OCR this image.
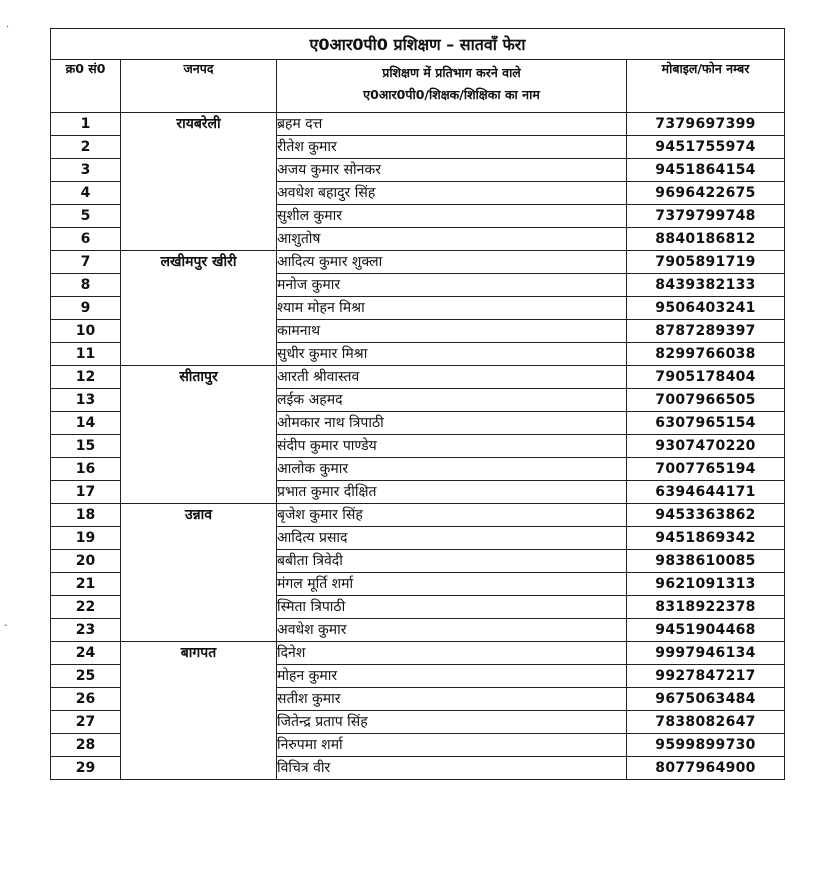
ए0आर0पी0 प्रशिक्षण – सातवाँ फेरा			
क्र0 सं0	जनपद	प्रशिक्षण में प्रतिभाग करने वाले
ए0आर0पी0/शिक्षक/शिक्षिका का नाम	मोबाइल/फोन नम्बर
1	रायबरेली	ब्रहम दत्त	7379697399
2		रीतेश कुमार	9451755974
3		अजय कुमार सोनकर	9451864154
4		अवधेश बहादुर सिंह	9696422675
5		सुशील कुमार	7379799748
6		आशुतोष	8840186812
7	लखीमपुर खीरी	आदित्य कुमार शुक्ला	7905891719
8		मनोज कुमार	8439382133
9		श्याम मोहन मिश्रा	9506403241
10		कामनाथ	8787289397
11		सुधीर कुमार मिश्रा	8299766038
12	सीतापुर	आरती श्रीवास्तव	7905178404
13		लईक अहमद	7007966505
14		ओमकार नाथ त्रिपाठी	6307965154
15		संदीप कुमार पाण्डेय	9307470220
16		आलोक कुमार	7007765194
17		प्रभात कुमार दीक्षित	6394644171
18	उन्नाव	बृजेश कुमार सिंह	9453363862
19		आदित्य प्रसाद	9451869342
20		बबीता त्रिवेदी	9838610085
21		मंगल मूर्ति शर्मा	9621091313
22		स्मिता त्रिपाठी	8318922378
23		अवधेश कुमार	9451904468
24	बागपत	दिनेश	9997946134
25		मोहन कुमार	9927847217
26		सतीश कुमार	9675063484
27		जितेन्द्र प्रताप सिंह	7838082647
28		निरुपमा शर्मा	9599899730
29		विचित्र वीर	8077964900
·
-
